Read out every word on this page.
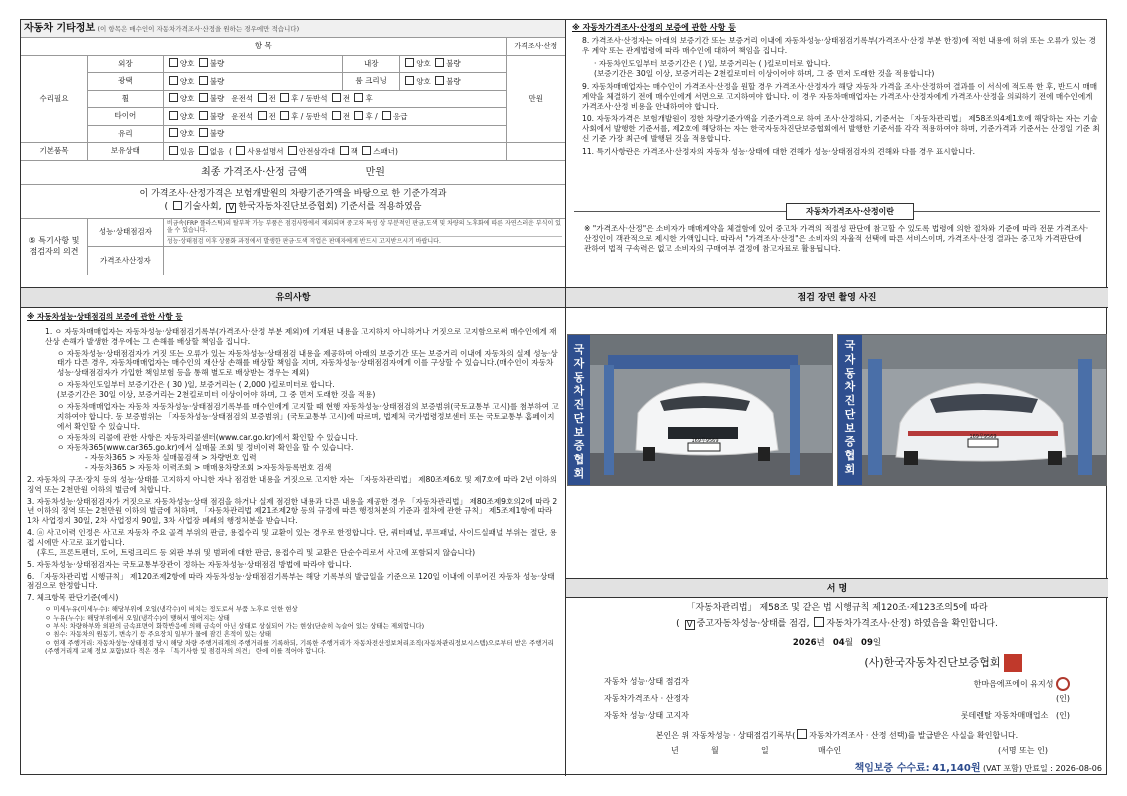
자동차 기타정보 (이 항목은 매수인이 자동차가격조사·산정을 원하는 경우에만 적습니다)					
항 목					가격조사·산정
수리필요	외장	양호 불량	내장	양호 불량	만원
	광택	양호 불량	룸 크리닝	양호 불량	
	휠	양호 불량 운전석 전 후 / 동반석 전 후			
	타이어	양호 불량 운전석 전 후 / 동반석 전 후 / 응급			
	유리	양호 불량			
기본품목	보유상태	있음 없음  ( 사용설명서 안전삼각대 잭 스패너)			
최종 가격조사·산정 금액 만원					

이 가격조사·산정가격은 보험개발원의 차량기준가액을 바탕으로 한 기준가격과
( 기술사회, V 한국자동차진단보증협회) 기준서를 적용하였음					

⑤ 특기사항 및 점검자의 의견	성능·상태점검자	비금속(FRP 플라스틱)의 탈부착 가능 부품은 점검사항에서 제외되며 중고차 특성 상 부분적인 판금,도색 및 차량의 노후화에 따른 자연스러운 부식이 있을 수 있습니다.
성능·상태점검 이후 상품화 과정에서 발생한 판금·도색 작업은 판매자에게 반드시 고지받으시기 바랍니다.			

	가격조사산정자				
※ 자동차가격조사·산정의 보증에 관한 사항 등
8. 가격조사·산정자는 아래의 보증기간 또는 보증거리 이내에 자동차성능·상태점검기록부(가격조사·산정 부분 한정)에 적힌 내용에 허위 또는 오류가 있는 경우 계약 또는 관계법령에 따라 매수인에 대하여 책임을 집니다.
· 자동차인도일부터 보증기간은 ( )일, 보증거리는 ( )킬로미터로 합니다.
(보증기간은 30일 이상, 보증거리는 2천킬로미터 이상이어야 하며, 그 중 먼저 도래한 것을 적용합니다)
9. 자동차매매업자는 매수인이 가격조사·산정을 원할 경우 가격조사·산정자가 해당 자동차 가격을 조사·산정하여 결과를 이 서식에 적도록 한 후, 반드시 매매계약을 체결하기 전에 매수인에게 서면으로 고지하여야 합니다. 이 경우 자동차매매업자는 가격조사·산정자에게 가격조사·산정을 의뢰하기 전에 매수인에게 가격조사·산정 비용을 안내하여야 합니다.
10. 자동차가격은 보험개발원이 정한 차량기준가액을 기준가격으로 하여 조사·산정하되, 기준서는 「자동차관리법」 제58조의4제1호에 해당하는 자는 기술사회에서 발행한 기준서를, 제2호에 해당하는 자는 한국자동차진단보증협회에서 발행한 기준서를 각각 적용하여야 하며, 기준가격과 기준서는 산정일 기준 최신 기준 가장 최근에 발행된 것을 적용합니다.
11. 특기사항란은 가격조사·산정자의 자동차 성능·상태에 대한 견해가 성능·상태점검자의 견해와 다를 경우 표시합니다.
자동차가격조사·산정이란
※ "가격조사·산정"은 소비자가 매매계약을 체결함에 있어 중고차 가격의 적절성 판단에 참고할 수 있도록 법령에 의한 절차와 기준에 따라 전문 가격조사·산정인이 객관적으로 제시한 가액입니다. 따라서 "가격조사·산정"은 소비자의 자율적 선택에 따른 서비스이며, 가격조사·산정 결과는 중고차 가격판단에 관하여 법적 구속력은 없고 소비자의 구매여부 결정에 참고자료로 활용됩니다.
유의사항
※ 자동차성능·상태점검의 보증에 관한 사항 등

1. ㅇ 자동차매매업자는 자동차성능·상태점검기록부(가격조사·산정 부분 제외)에 기재된 내용을 고지하지 아니하거나 거짓으로 고지함으로써 매수인에게 재산상 손해가 발생한 경우에는 그 손해를 배상할 책임을 집니다.

ㅇ 자동차성능·상태점검자가 거짓 또는 오류가 있는 자동차성능·상태점검 내용을 제공하여 아래의 보증기간 또는 보증거리 이내에 자동차의 실제 성능·상태가 다른 경우, 자동차매매업자는 매수인의 재산상 손해를 배상할 책임을 지며, 자동차성능·상태점검자에게 이를 구상할 수 있습니다.(매수인이 자동차성능·상태점검자가 가입한 책임보험 등을 통해 별도로 배상받는 경우는 제외)

ㅇ 자동차인도일부터 보증기간은 ( 30 )일, 보증거리는 ( 2,000 )킬로미터로 합니다.

(보증기간은 30일 이상, 보증거리는 2천킬로미터 이상이어야 하며, 그 중 먼저 도래한 것을 적용)

ㅇ 자동차매매업자는 자동차 자동차성능·상태점검기록부를 매수인에게 고지할 때 현행 자동차성능·상태점검의 보증범위(국토교통부 고시)를 첨부하여 고지하여야 합니다. 동 보증범위는 「자동차성능·상태점검의 보증범위」(국토교통부 고시)에 따르며, 법제처 국가법령정보센터 또는 국토교통부 홈페이지에서 확인할 수 있습니다.

ㅇ 자동차의 리콜에 관한 사항은 자동차리콜센터(www.car.go.kr)에서 확인할 수 있습니다.

ㅇ 자동차365(www.car365.go.kr)에서 실매물 조회 및 정비이력 확인을 할 수 있습니다.

- 자동차365 > 자동차 실매물검색 > 차량번호 입력

- 자동차365 > 자동차 이력조회 > 매매용차량조회 >자동차등록번호 검색

2. 자동차의 구조·장치 등의 성능·상태를 고지하지 아니한 자나 점검한 내용을 거짓으로 고지한 자는 「자동차관리법」 제80조제6호 및 제7호에 따라 2년 이하의 징역 또는 2천만원 이하의 벌금에 처합니다.

3. 자동차성능·상태점검자가 거짓으로 자동차성능·상태 점검을 하거나 실제 점검한 내용과 다른 내용을 제공한 경우 「자동차관리법」 제80조제9호의2에 따라 2년 이하의 징역 또는 2천만원 이하의 벌금에 처하며, 「자동차관리법 제21조제2항 등의 규정에 따른 행정처분의 기준과 절차에 관한 규칙」 제5조제1항에 따라 1차 사업정지 30일, 2차 사업정지 90일, 3차 사업장 폐쇄의 행정처분을 받습니다.

4. ⓐ 사고이력 인정은 사고로 자동차 주요 골격 부위의 판금, 용접수리 및 교환이 있는 경우로 한정합니다. 단, 쿼터패널, 루프패널, 사이드실패널 부위는 절단, 용접 시에만 사고로 표기합니다.

(후드, 프론트펜더, 도어, 트렁크리드 등 외판 부위 및 범퍼에 대한 판금, 용접수리 및 교환은 단순수리로서 사고에 포함되지 않습니다)

5. 자동차성능·상태점검자는 국토교통부장관이 정하는 자동차성능·상태점검 방법에 따라야 합니다.

6. 「자동차관리법 시행규칙」 제120조제2항에 따라 자동차성능·상태점검기록부는 해당 기록부의 발급일을 기준으로 120일 이내에 이루어진 자동차 성능·상태점검으로 한정합니다.

7. 체크항목 판단기준(예시)

ㅇ 미세누유(미세누수): 해당부위에 오일(냉각수)이 비치는 정도로서 부품 노후로 인한 현상

ㅇ 누유(누수): 해당부위에서 오일(냉각수)이 맺혀서 떨어지는 상태

ㅇ 부식: 차량하부와 외판의 금속표면이 화학반응에 의해 금속이 아닌 상태로 상실되어 가는 현상(단순히 녹슬어 있는 상태는 제외합니다)

ㅇ 침수: 자동차의 원동기, 변속기 등 주요장치 일부가 물에 잠긴 흔적이 있는 상태

ㅇ 현재 주행거리: 자동차성능·상태점검 당시 해당 차량 주행거리계의 주행거리를 기록하되, 기록한 주행거리가 자동차전산정보처리조직(자동차관리정보시스템)으로부터 받은 주행거리(주행거리계 교체 정보 포함)보다 적은 경우 「특기사항 및 점검자의 의견」 란에 이를 적어야 합니다.

점검 장면 촬영 사진
국자동차진단보증협회
169무9569
국자동차진단보증협회
169무9569
서 명
「자동차관리법」 제58조 및 같은 법 시행규칙 제120조·제123조의5에 따라
( V 중고자동차성능·상태를 점검, 자동차가격조사·산정) 하였음을 확인합니다.
2026년 04월 09일
(사)한국자동차진단보증협회
자동차 성능·상태 점검자	한마음에프에이 유지성
자동차가격조사 · 산정자	(인)
자동차 성능·상태 고지자	롯데렌탈 자동차매매업소 (인)
본인은 위 자동차성능 · 상태점검기록부( 자동차가격조사 · 산정 선택)를 발급받은 사실을 확인합니다.
년	월	일	매수인	(서명 또는 인)
책임보증 수수료: 41,140원 (VAT 포함) 만료일 : 2026-08-06
